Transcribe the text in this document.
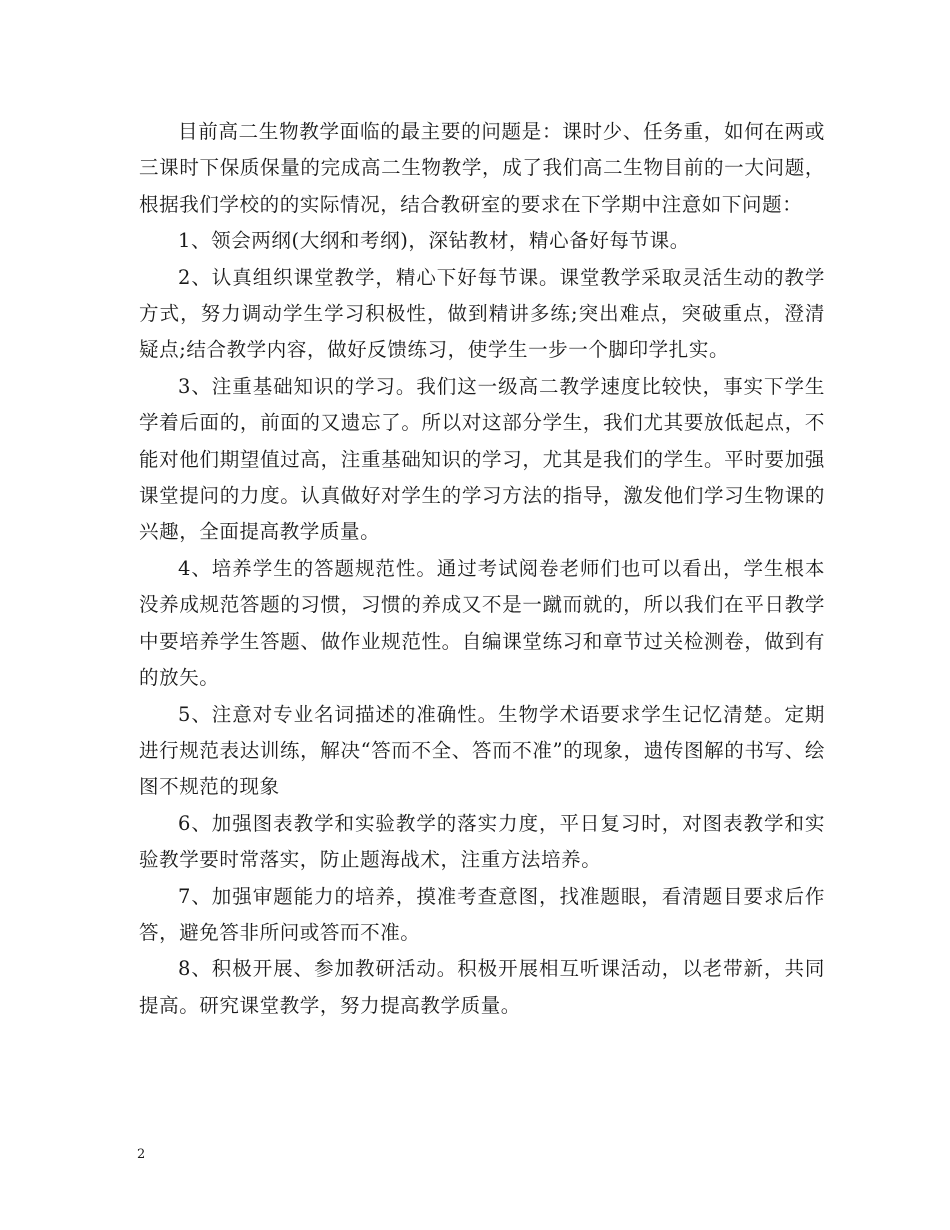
目前高二生物教学面临的最主要的问题是：课时少、任务重，如何在两或三课时下保质保量的完成高二生物教学，成了我们高二生物目前的一大问题，根据我们学校的的实际情况，结合教研室的要求在下学期中注意如下问题：

1、领会两纲(大纲和考纲)，深钻教材，精心备好每节课。

2、认真组织课堂教学，精心下好每节课。课堂教学采取灵活生动的教学方式，努力调动学生学习积极性，做到精讲多练;突出难点，突破重点，澄清疑点;结合教学内容，做好反馈练习，使学生一步一个脚印学扎实。

3、注重基础知识的学习。我们这一级高二教学速度比较快，事实下学生学着后面的，前面的又遗忘了。所以对这部分学生，我们尤其要放低起点，不能对他们期望值过高，注重基础知识的学习，尤其是我们的学生。平时要加强课堂提问的力度。认真做好对学生的学习方法的指导，激发他们学习生物课的兴趣，全面提高教学质量。

4、培养学生的答题规范性。通过考试阅卷老师们也可以看出，学生根本没养成规范答题的习惯，习惯的养成又不是一蹴而就的，所以我们在平日教学中要培养学生答题、做作业规范性。自编课堂练习和章节过关检测卷，做到有的放矢。

5、注意对专业名词描述的准确性。生物学术语要求学生记忆清楚。定期进行规范表达训练，解决“答而不全、答而不准”的现象，遗传图解的书写、绘图不规范的现象

6、加强图表教学和实验教学的落实力度，平日复习时，对图表教学和实验教学要时常落实，防止题海战术，注重方法培养。

7、加强审题能力的培养，摸准考查意图，找准题眼，看清题目要求后作答，避免答非所问或答而不准。

8、积极开展、参加教研活动。积极开展相互听课活动，以老带新，共同提高。研究课堂教学，努力提高教学质量。

2
